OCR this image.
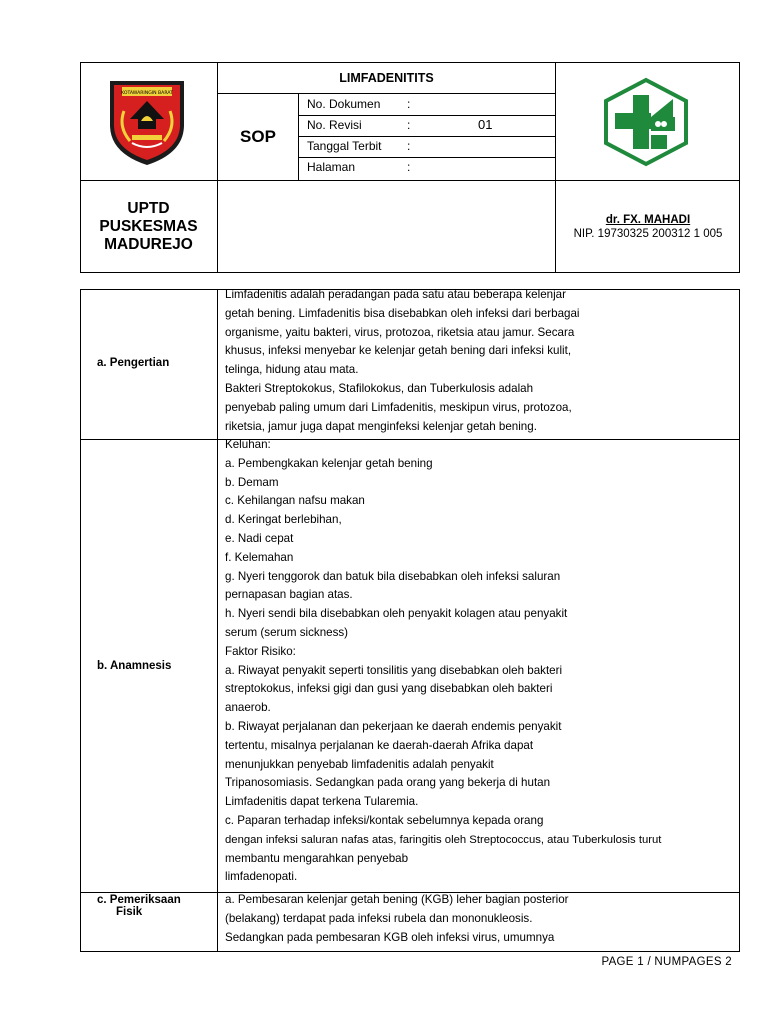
KOTAWARINGIN BARAT
LIMFADENITITS
SOP
No. Dokumen :
No. Revisi	:	01
Tanggal Terbit :
Halaman	:
UPTD
PUSKESMAS
MADUREJO
dr. FX. MAHADI
NIP. 19730325 200312 1 005
a. Pengertian
Limfadenitis adalah peradangan pada satu atau beberapa kelenjar
getah bening. Limfadenitis bisa disebabkan oleh infeksi dari berbagai
organisme, yaitu bakteri, virus, protozoa, riketsia atau jamur. Secara
khusus, infeksi menyebar ke kelenjar getah bening dari infeksi kulit,
telinga, hidung atau mata.
Bakteri Streptokokus, Stafilokokus, dan Tuberkulosis adalah
penyebab paling umum dari Limfadenitis, meskipun virus, protozoa,
riketsia, jamur juga dapat menginfeksi kelenjar getah bening.
b. Anamnesis
Keluhan:
a. Pembengkakan kelenjar getah bening
b. Demam
c. Kehilangan nafsu makan
d. Keringat berlebihan,
e. Nadi cepat
f. Kelemahan
g. Nyeri tenggorok dan batuk bila disebabkan oleh infeksi saluran
pernapasan bagian atas.
h. Nyeri sendi bila disebabkan oleh penyakit kolagen atau penyakit
serum (serum sickness)
Faktor Risiko:
a. Riwayat penyakit seperti tonsilitis yang disebabkan oleh bakteri
streptokokus, infeksi gigi dan gusi yang disebabkan oleh bakteri
anaerob.
b. Riwayat perjalanan dan pekerjaan ke daerah endemis penyakit
tertentu, misalnya perjalanan ke daerah-daerah Afrika dapat
menunjukkan penyebab limfadenitis adalah penyakit
Tripanosomiasis. Sedangkan pada orang yang bekerja di hutan
Limfadenitis dapat terkena Tularemia.
c. Paparan terhadap infeksi/kontak sebelumnya kepada orang
dengan infeksi saluran nafas atas, faringitis oleh Streptococcus, atau Tuberkulosis turut
membantu mengarahkan penyebab
limfadenopati.
c. Pemeriksaan
Fisik
a. Pembesaran kelenjar getah bening (KGB) leher bagian posterior
(belakang) terdapat pada infeksi rubela dan mononukleosis.
Sedangkan pada pembesaran KGB oleh infeksi virus, umumnya
PAGE 1 / NUMPAGES 2
